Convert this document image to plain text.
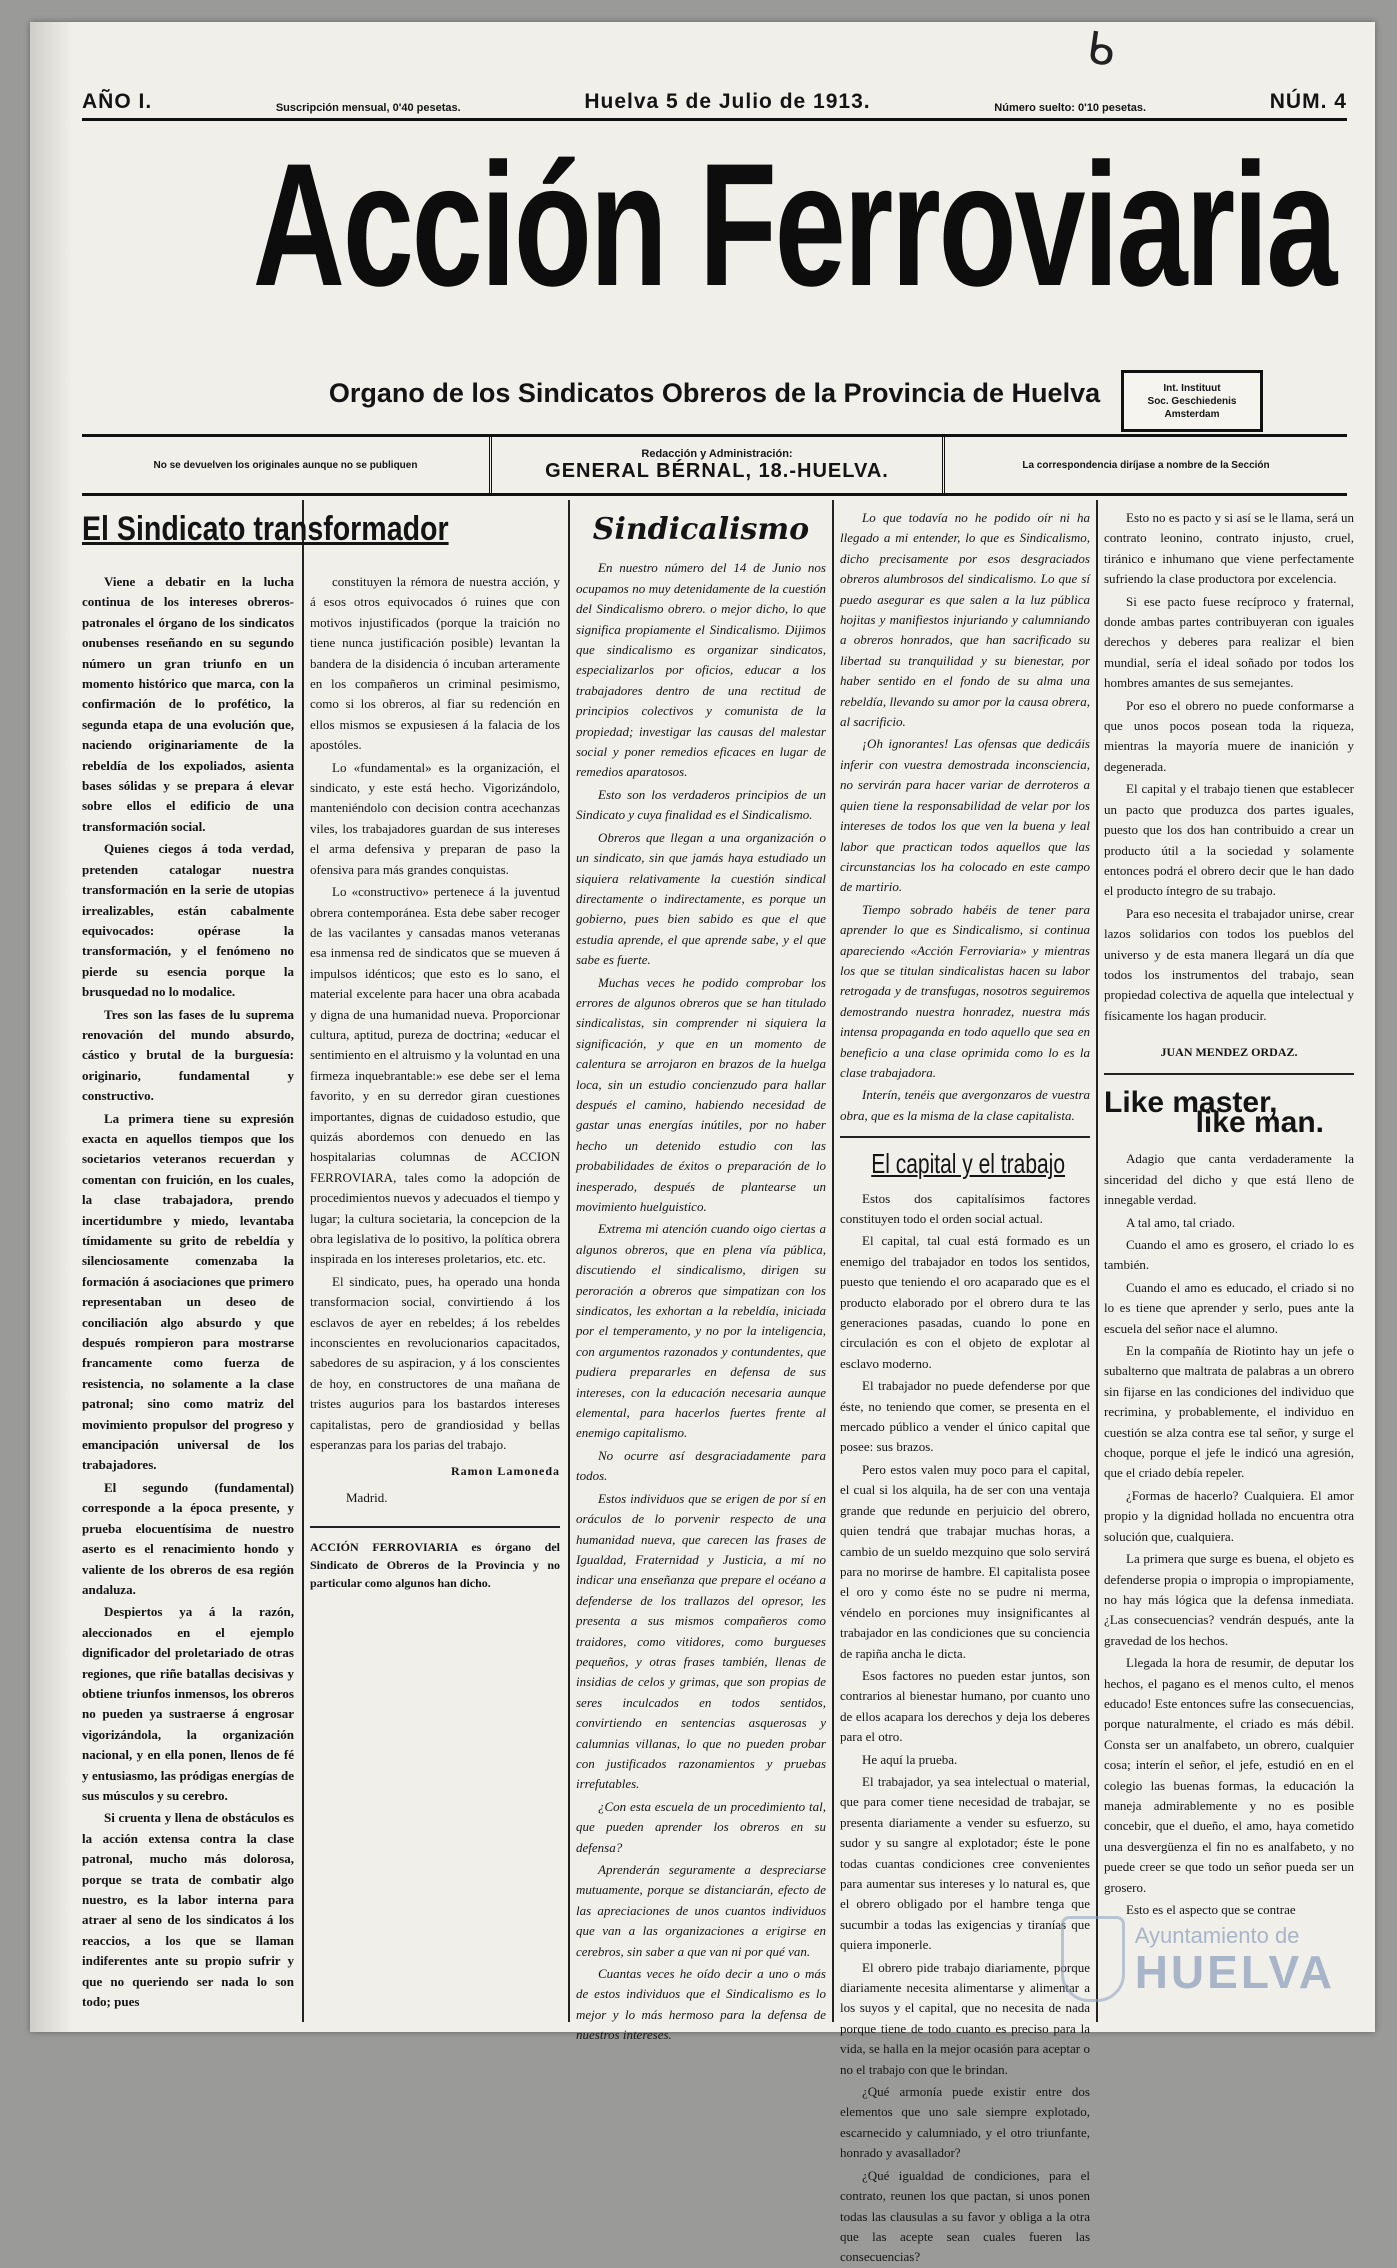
ᑲ
AÑO I.	Suscripción mensual, 0'40 pesetas.	Huelva 5 de Julio de 1913.	Número suelto: 0'10 pesetas.	NÚM. 4
Acción Ferroviaria
Organo de los Sindicatos Obreros de la Provincia de Huelva	Int. Instituut
Soc. Geschiedenis
Amsterdam
No se devuelven los originales aunque no se publiquen
Redacción y Administración:
GENERAL BÉRNAL, 18.-HUELVA.	La correspondencia diríjase a nombre de la Sección
El Sindicato transformador

Viene a debatir en la lucha continua de los intereses obreros-patronales el órgano de los sindicatos onubenses reseñando en su segundo número un gran triunfo en un momento histórico que marca, con la confirmación de lo profético, la segunda etapa de una evolución que, naciendo originariamente de la rebeldía de los expoliados, asienta bases sólidas y se prepara á elevar sobre ellos el edificio de una transformación social.

Quienes ciegos á toda verdad, pretenden catalogar nuestra transformación en la serie de utopias irrealizables, están cabalmente equivocados: opérase la transformación, y el fenómeno no pierde su esencia porque la brusquedad no lo modalice.

Tres son las fases de lu suprema renovación del mundo absurdo, cástico y brutal de la burguesía: originario, fundamental y constructivo.

La primera tiene su expresión exacta en aquellos tiempos que los societarios veteranos recuerdan y comentan con fruición, en los cuales, la clase trabajadora, prendo incertidumbre y miedo, levantaba tímidamente su grito de rebeldía y silenciosamente comenzaba la formación á asociaciones que primero representaban un deseo de conciliación algo absurdo y que después rompieron para mostrarse francamente como fuerza de resistencia, no solamente a la clase patronal; sino como matriz del movimiento propulsor del progreso y emancipación universal de los trabajadores.

El segundo (fundamental) corresponde a la época presente, y prueba elocuentísima de nuestro aserto es el renacimiento hondo y valiente de los obreros de esa región andaluza.

Despiertos ya á la razón, aleccionados en el ejemplo dignificador del proletariado de otras regiones, que riñe batallas decisivas y obtiene triunfos inmensos, los obreros no pueden ya sustraerse á engrosar vigorizándola, la organización nacional, y en ella ponen, llenos de fé y entusiasmo, las pródigas energías de sus músculos y su cerebro.

Si cruenta y llena de obstáculos es la acción extensa contra la clase patronal, mucho más dolorosa, porque se trata de combatir algo nuestro, es la labor interna para atraer al seno de los sindicatos á los reaccios, a los que se llaman indiferentes ante su propio sufrir y que no queriendo ser nada lo son todo; pues

constituyen la rémora de nuestra acción, y á esos otros equivocados ó ruines que con motivos injustificados (porque la traición no tiene nunca justificación posible) levantan la bandera de la disidencia ó incuban arteramente en los compañeros un criminal pesimismo, como si los obreros, al fiar su redención en ellos mismos se expusiesen á la falacia de los apostóles.

Lo «fundamental» es la organización, el sindicato, y este está hecho. Vigorizándolo, manteniéndolo con decision contra acechanzas viles, los trabajadores guardan de sus intereses el arma defensiva y preparan de paso la ofensiva para más grandes conquistas.

Lo «constructivo» pertenece á la juventud obrera contemporánea. Esta debe saber recoger de las vacilantes y cansadas manos veteranas esa inmensa red de sindicatos que se mueven á impulsos idénticos; que esto es lo sano, el material excelente para hacer una obra acabada y digna de una humanidad nueva. Proporcionar cultura, aptitud, pureza de doctrina; «educar el sentimiento en el altruismo y la voluntad en una firmeza inquebrantable:» ese debe ser el lema favorito, y en su derredor giran cuestiones importantes, dignas de cuidadoso estudio, que quizás abordemos con denuedo en las hospitalarias columnas de ACCION FERROVIARA, tales como la adopción de procedimientos nuevos y adecuados el tiempo y lugar; la cultura societaria, la concepcion de la obra legislativa de lo positivo, la política obrera inspirada en los intereses proletarios, etc. etc.

El sindicato, pues, ha operado una honda transformacion social, convirtiendo á los esclavos de ayer en rebeldes; á los rebeldes inconscientes en revolucionarios capacitados, sabedores de su aspiracion, y á los conscientes de hoy, en constructores de una mañana de tristes augurios para los bastardos intereses capitalistas, pero de grandiosidad y bellas esperanzas para los parias del trabajo.

Ramon Lamoneda
Madrid.
ACCIÓN FERROVIARIA es órgano del Sindicato de Obreros de la Provincia y no particular como algunos han dicho.
Sindicalismo

En nuestro número del 14 de Junio nos ocupamos no muy detenidamente de la cuestión del Sindicalismo obrero. o mejor dicho, lo que significa propiamente el Sindicalismo. Dijimos que sindicalismo es organizar sindicatos, especializarlos por oficios, educar a los trabajadores dentro de una rectitud de principios colectivos y comunista de la propiedad; investigar las causas del malestar social y poner remedios eficaces en lugar de remedios aparatosos.

Esto son los verdaderos principios de un Sindicato y cuya finalidad es el Sindicalismo.

Obreros que llegan a una organización o un sindicato, sin que jamás haya estudiado un siquiera relativamente la cuestión sindical directamente o indirectamente, es porque un gobierno, pues bien sabido es que el que estudia aprende, el que aprende sabe, y el que sabe es fuerte.

Muchas veces he podido comprobar los errores de algunos obreros que se han titulado sindicalistas, sin comprender ni siquiera la significación, y que en un momento de calentura se arrojaron en brazos de la huelga loca, sin un estudio concienzudo para hallar después el camino, habiendo necesidad de gastar unas energías inútiles, por no haber hecho un detenido estudio con las probabilidades de éxitos o preparación de lo inesperado, después de plantearse un movimiento huelguistico.

Extrema mi atención cuando oigo ciertas a algunos obreros, que en plena vía pública, discutiendo el sindicalismo, dirigen su peroración a obreros que simpatizan con los sindicatos, les exhortan a la rebeldía, iniciada por el temperamento, y no por la inteligencia, con argumentos razonados y contundentes, que pudiera prepararles en defensa de sus intereses, con la educación necesaria aunque elemental, para hacerlos fuertes frente al enemigo capitalismo.

No ocurre así desgraciadamente para todos.

Estos individuos que se erigen de por sí en oráculos de lo porvenir respecto de una humanidad nueva, que carecen las frases de Igualdad, Fraternidad y Justicia, a mí no indicar una enseñanza que prepare el océano a defenderse de los trallazos del opresor, les presenta a sus mismos compañeros como traidores, como vitidores, como burgueses pequeños, y otras frases también, llenas de insidias de celos y grimas, que son propias de seres inculcados en todos sentidos, convirtiendo en sentencias asquerosas y calumnias villanas, lo que no pueden probar con justificados razonamientos y pruebas irrefutables.

¿Con esta escuela de un procedimiento tal, que pueden aprender los obreros en su defensa?

Aprenderán seguramente a despreciarse mutuamente, porque se distanciarán, efecto de las apreciaciones de unos cuantos individuos que van a las organizaciones a erigirse en cerebros, sin saber a que van ni por qué van.

Cuantas veces he oído decir a uno o más de estos individuos que el Sindicalismo es lo mejor y lo más hermoso para la defensa de nuestros intereses.

Lo que todavía no he podido oír ni ha llegado a mi entender, lo que es Sindicalismo, dicho precisamente por esos desgraciados obreros alumbrosos del sindicalismo. Lo que sí puedo asegurar es que salen a la luz pública hojitas y manifiestos injuriando y calumniando a obreros honrados, que han sacrificado su libertad su tranquilidad y su bienestar, por haber sentido en el fondo de su alma una rebeldía, llevando su amor por la causa obrera, al sacrificio.

¡Oh ignorantes! Las ofensas que dedicáis inferir con vuestra demostrada inconsciencia, no servirán para hacer variar de derroteros a quien tiene la responsabilidad de velar por los intereses de todos los que ven la buena y leal labor que practican todos aquellos que las circunstancias los ha colocado en este campo de martirio.

Tiempo sobrado habéis de tener para aprender lo que es Sindicalismo, si continua apareciendo «Acción Ferroviaria» y mientras los que se titulan sindicalistas hacen su labor retrogada y de transfugas, nosotros seguiremos demostrando nuestra honradez, nuestra más intensa propaganda en todo aquello que sea en beneficio a una clase oprimida como lo es la clase trabajadora.

Interín, tenéis que avergonzaros de vuestra obra, que es la misma de la clase capitalista.

El capital y el trabajo

Estos dos capitalísimos factores constituyen todo el orden social actual.

El capital, tal cual está formado es un enemigo del trabajador en todos los sentidos, puesto que teniendo el oro acaparado que es el producto elaborado por el obrero dura te las generaciones pasadas, cuando lo pone en circulación es con el objeto de explotar al esclavo moderno.

El trabajador no puede defenderse por que éste, no teniendo que comer, se presenta en el mercado público a vender el único capital que posee: sus brazos.

Pero estos valen muy poco para el capital, el cual si los alquila, ha de ser con una ventaja grande que redunde en perjuicio del obrero, quien tendrá que trabajar muchas horas, a cambio de un sueldo mezquino que solo servirá para no morirse de hambre. El capitalista posee el oro y como éste no se pudre ni merma, véndelo en porciones muy insignificantes al trabajador en las condiciones que su conciencia de rapiña ancha le dicta.

Esos factores no pueden estar juntos, son contrarios al bienestar humano, por cuanto uno de ellos acapara los derechos y deja los deberes para el otro.

He aquí la prueba.

El trabajador, ya sea intelectual o material, que para comer tiene necesidad de trabajar, se presenta diariamente a vender su esfuerzo, su sudor y su sangre al explotador; éste le pone todas cuantas condiciones cree convenientes para aumentar sus intereses y lo natural es, que el obrero obligado por el hambre tenga que sucumbir a todas las exigencias y tiranías que quiera imponerle.

El obrero pide trabajo diariamente, porque diariamente necesita alimentarse y alimentar a los suyos y el capital, que no necesita de nada porque tiene de todo cuanto es preciso para la vida, se halla en la mejor ocasión para aceptar o no el trabajo con que le brindan.

¿Qué armonía puede existir entre dos elementos que uno sale siempre explotado, escarnecido y calumniado, y el otro triunfante, honrado y avasallador?

¿Qué igualdad de condiciones, para el contrato, reunen los que pactan, si unos ponen todas las clausulas a su favor y obliga a la otra que las acepte sean cuales fueren las consecuencias?

Esto no es pacto y si así se le llama, será un contrato leonino, contrato injusto, cruel, tiránico e inhumano que viene perfectamente sufriendo la clase productora por excelencia.

Si ese pacto fuese recíproco y fraternal, donde ambas partes contribuyeran con iguales derechos y deberes para realizar el bien mundial, sería el ideal soñado por todos los hombres amantes de sus semejantes.

Por eso el obrero no puede conformarse a que unos pocos posean toda la riqueza, mientras la mayoría muere de inanición y degenerada.

El capital y el trabajo tienen que establecer un pacto que produzca dos partes iguales, puesto que los dos han contribuido a crear un producto útil a la sociedad y solamente entonces podrá el obrero decir que le han dado el producto íntegro de su trabajo.

Para eso necesita el trabajador unirse, crear lazos solidarios con todos los pueblos del universo y de esta manera llegará un día que todos los instrumentos del trabajo, sean propiedad colectiva de aquella que intelectual y físicamente los hagan producir.

JUAN MENDEZ ORDAZ.
Like master,
like man.

Adagio que canta verdaderamente la sinceridad del dicho y que está lleno de innegable verdad.

A tal amo, tal criado.

Cuando el amo es grosero, el criado lo es también.

Cuando el amo es educado, el criado si no lo es tiene que aprender y serlo, pues ante la escuela del señor nace el alumno.

En la compañía de Riotinto hay un jefe o subalterno que maltrata de palabras a un obrero sin fijarse en las condiciones del individuo que recrimina, y probablemente, el individuo en cuestión se alza contra ese tal señor, y surge el choque, porque el jefe le indicó una agresión, que el criado debía repeler.

¿Formas de hacerlo? Cualquiera. El amor propio y la dignidad hollada no encuentra otra solución que, cualquiera.

La primera que surge es buena, el objeto es defenderse propia o impropia o impropiamente, no hay más lógica que la defensa inmediata. ¿Las consecuencias? vendrán después, ante la gravedad de los hechos.

Llegada la hora de resumir, de deputar los hechos, el pagano es el menos culto, el menos educado! Este entonces sufre las consecuencias, porque naturalmente, el criado es más débil. Consta ser un analfabeto, un obrero, cualquier cosa; interín el señor, el jefe, estudió en en el colegio las buenas formas, la educación la maneja admirablemente y no es posible concebir, que el dueño, el amo, haya cometido una desvergüenza el fin no es analfabeto, y no puede creer se que todo un señor pueda ser un grosero.

Esto es el aspecto que se contrae

Ayuntamiento de
HUELVA
